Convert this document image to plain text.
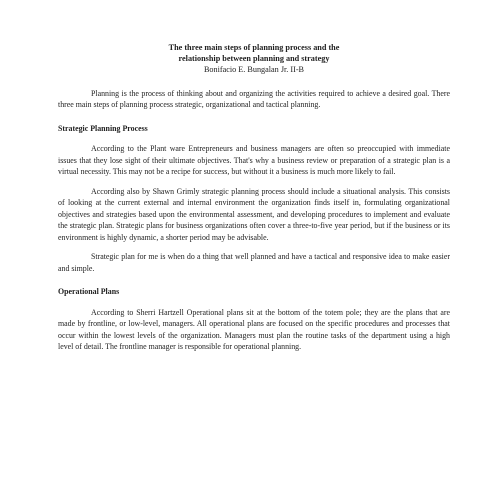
The three main steps of planning process and the
relationship between planning and strategy
Bonifacio E. Bungalan Jr. II-B

Planning is the process of thinking about and organizing the activities required to achieve a desired goal. There three main steps of planning process strategic, organizational and tactical planning.

Strategic Planning Process

According to the Plant ware Entrepreneurs and business managers are often so preoccupied with immediate issues that they lose sight of their ultimate objectives. That's why a business review or preparation of a strategic plan is a virtual necessity. This may not be a recipe for success, but without it a business is much more likely to fail.

According also by Shawn Grimly strategic planning process should include a situational analysis. This consists of looking at the current external and internal environment the organization finds itself in, formulating organizational objectives and strategies based upon the environmental assessment, and developing procedures to implement and evaluate the strategic plan. Strategic plans for business organizations often cover a three-to-five year period, but if the business or its environment is highly dynamic, a shorter period may be advisable.

Strategic plan for me is when do a thing that well planned and have a tactical and responsive idea to make easier and simple.

Operational Plans

According to Sherri Hartzell Operational plans sit at the bottom of the totem pole; they are the plans that are made by frontline, or low-level, managers. All operational plans are focused on the specific procedures and processes that occur within the lowest levels of the organization. Managers must plan the routine tasks of the department using a high level of detail. The frontline manager is responsible for operational planning.
